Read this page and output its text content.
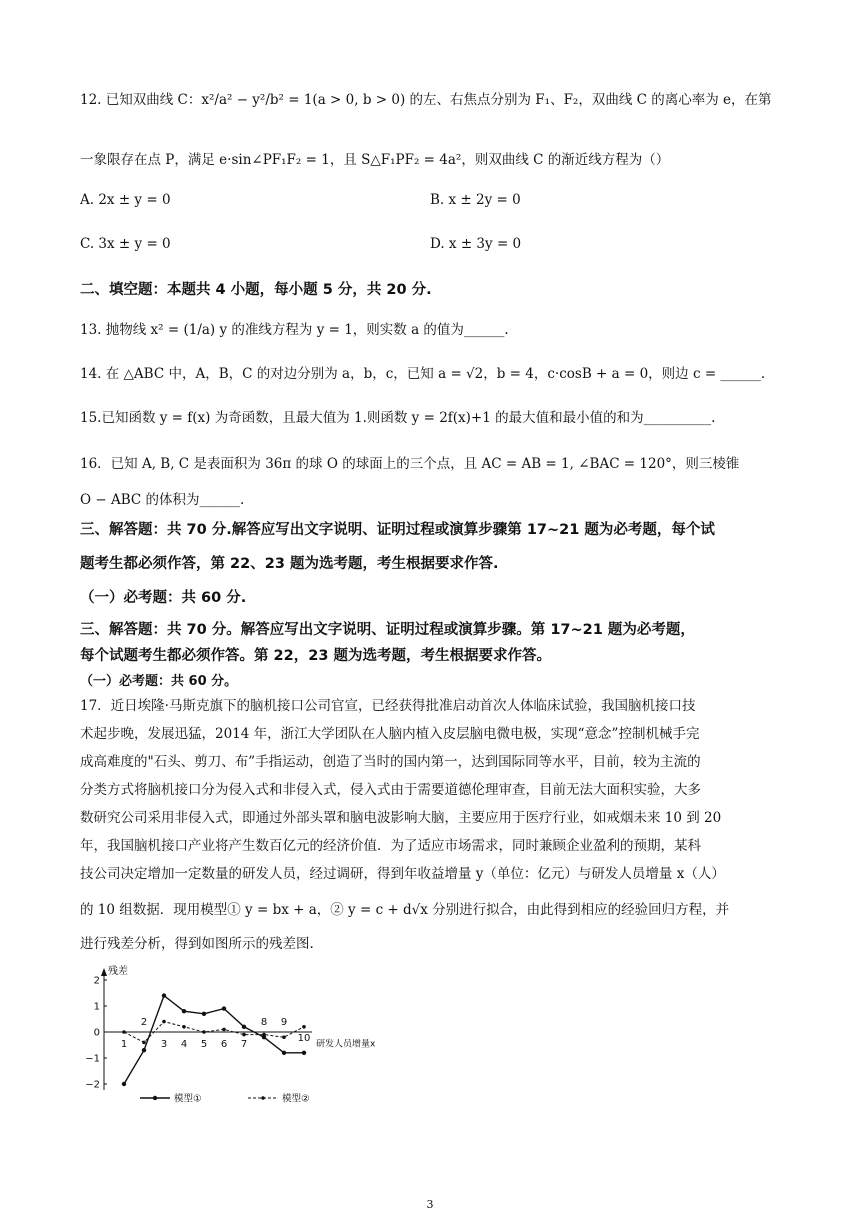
12. 已知双曲线 C：x²/a² − y²/b² = 1(a > 0, b > 0) 的左、右焦点分别为 F₁、F₂，双曲线 C 的离心率为 e，在第
一象限存在点 P，满足 e·sin∠PF₁F₂ = 1，且 S△F₁PF₂ = 4a²，则双曲线 C 的渐近线方程为（）
A. 2x ± y = 0	B. x ± 2y = 0
C. 3x ± y = 0	D. x ± 3y = 0
二、填空题：本题共 4 小题，每小题 5 分，共 20 分.
13. 抛物线 x² = (1/a) y 的准线方程为 y = 1，则实数 a 的值为______.
14. 在 △ABC 中，A，B，C 的对边分别为 a，b，c，已知 a = √2，b = 4，c·cosB + a = 0，则边 c = ______.
15.已知函数 y = f(x) 为奇函数，且最大值为 1.则函数 y = 2f(x)+1 的最大值和最小值的和为__________.
16．已知 A, B, C 是表面积为 36π 的球 O 的球面上的三个点，且 AC = AB = 1, ∠BAC = 120°，则三棱锥
O − ABC 的体积为______.
三、解答题：共 70 分.解答应写出文字说明、证明过程或演算步骤第 17~21 题为必考题，每个试
题考生都必须作答，第 22、23 题为选考题，考生根据要求作答.
（一）必考题：共 60 分.
三、解答题：共 70 分。解答应写出文字说明、证明过程或演算步骤。第 17~21 题为必考题，
每个试题考生都必须作答。第 22，23 题为选考题，考生根据要求作答。
（一）必考题：共 60 分。
17．近日埃隆·马斯克旗下的脑机接口公司官宣，已经获得批准启动首次人体临床试验，我国脑机接口技
术起步晚，发展迅猛，2014 年，浙江大学团队在人脑内植入皮层脑电微电极，实现“意念”控制机械手完
成高难度的"石头、剪刀、布”手指运动，创造了当时的国内第一，达到国际同等水平，目前，较为主流的
分类方式将脑机接口分为侵入式和非侵入式，侵入式由于需要道德伦理审查，目前无法大面积实验，大多
数研究公司采用非侵入式，即通过外部头罩和脑电波影响大脑，主要应用于医疗行业，如戒烟未来 10 到 20
年，我国脑机接口产业将产生数百亿元的经济价值．为了适应市场需求，同时兼顾企业盈利的预期，某科
技公司决定增加一定数量的研发人员，经过调研，得到年收益增量 y（单位：亿元）与研发人员增量 x（人）
的 10 组数据．现用模型① y = bx + a，② y = c + d√x 分别进行拟合，由此得到相应的经验回归方程，并
进行残差分析，得到如图所示的残差图.
残差
研发人员增量x
2
1
0
−1
−2
1
2
3 4 5 6 7
8 9
10
模型①	模型②
3
